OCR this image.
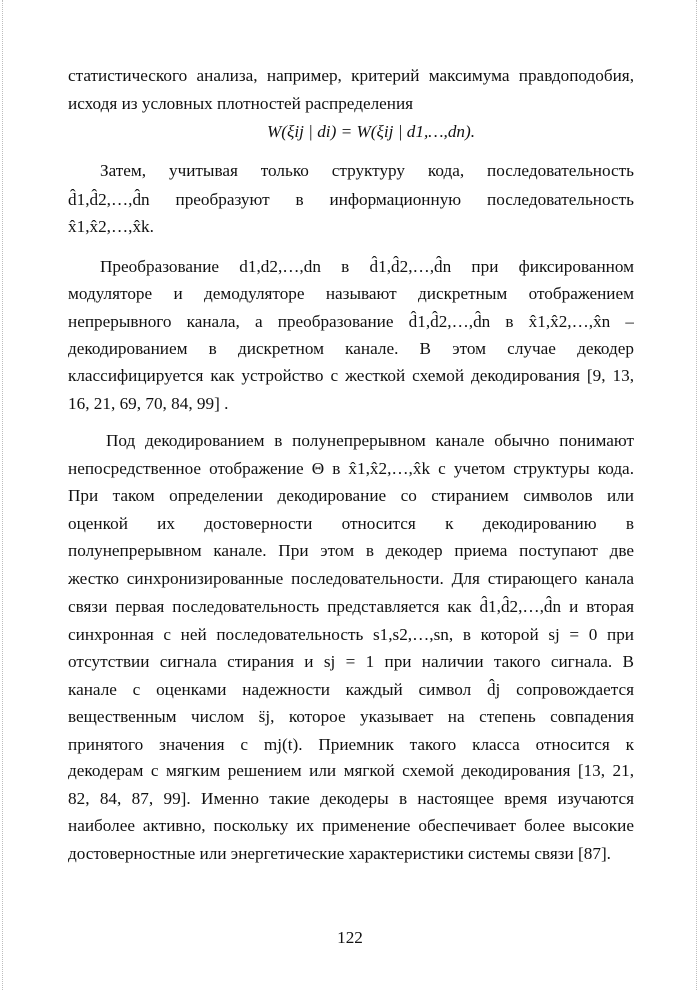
статистического анализа, например, критерий максимума правдоподобия,
исходя из условных плотностей распределения
W(ξij | di) = W(ξij | d1,…,dn).
Затем, учитывая только структуру кода, последовательность
d̂1,d̂2,…,d̂n преобразуют в информационную последовательность
x̂1,x̂2,…,x̂k.
Преобразование d1,d2,…,dn в d̂1,d̂2,…,d̂n при фиксированном
модуляторе и демодуляторе называют дискретным отображением
непрерывного канала, а преобразование d̂1,d̂2,…,d̂n в x̂1,x̂2,…,x̂n –
декодированием в дискретном канале. В этом случае декодер
классифицируется как устройство с жесткой схемой декодирования [9, 13,
16, 21, 69, 70, 84, 99] .
Под декодированием в полунепрерывном канале обычно понимают
непосредственное отображение Θ в x̂1,x̂2,…,x̂k с учетом структуры кода.
При таком определении декодирование со стиранием символов или
оценкой их достоверности относится к декодированию в
полунепрерывном канале. При этом в декодер приема поступают две
жестко синхронизированные последовательности. Для стирающего канала
связи первая последовательность представляется как d̂1,d̂2,…,d̂n и вторая
синхронная с ней последовательность s1,s2,…,sn, в которой sj = 0 при
отсутствии сигнала стирания и sj = 1 при наличии такого сигнала. В
канале с оценками надежности каждый символ d̂j сопровождается
вещественным числом s̈j, которое указывает на степень совпадения
принятого значения с mj(t). Приемник такого класса относится к
декодерам с мягким решением или мягкой схемой декодирования [13, 21,
82, 84, 87, 99]. Именно такие декодеры в настоящее время изучаются
наиболее активно, поскольку их применение обеспечивает более высокие
достоверностные или энергетические характеристики системы связи [87].
122
